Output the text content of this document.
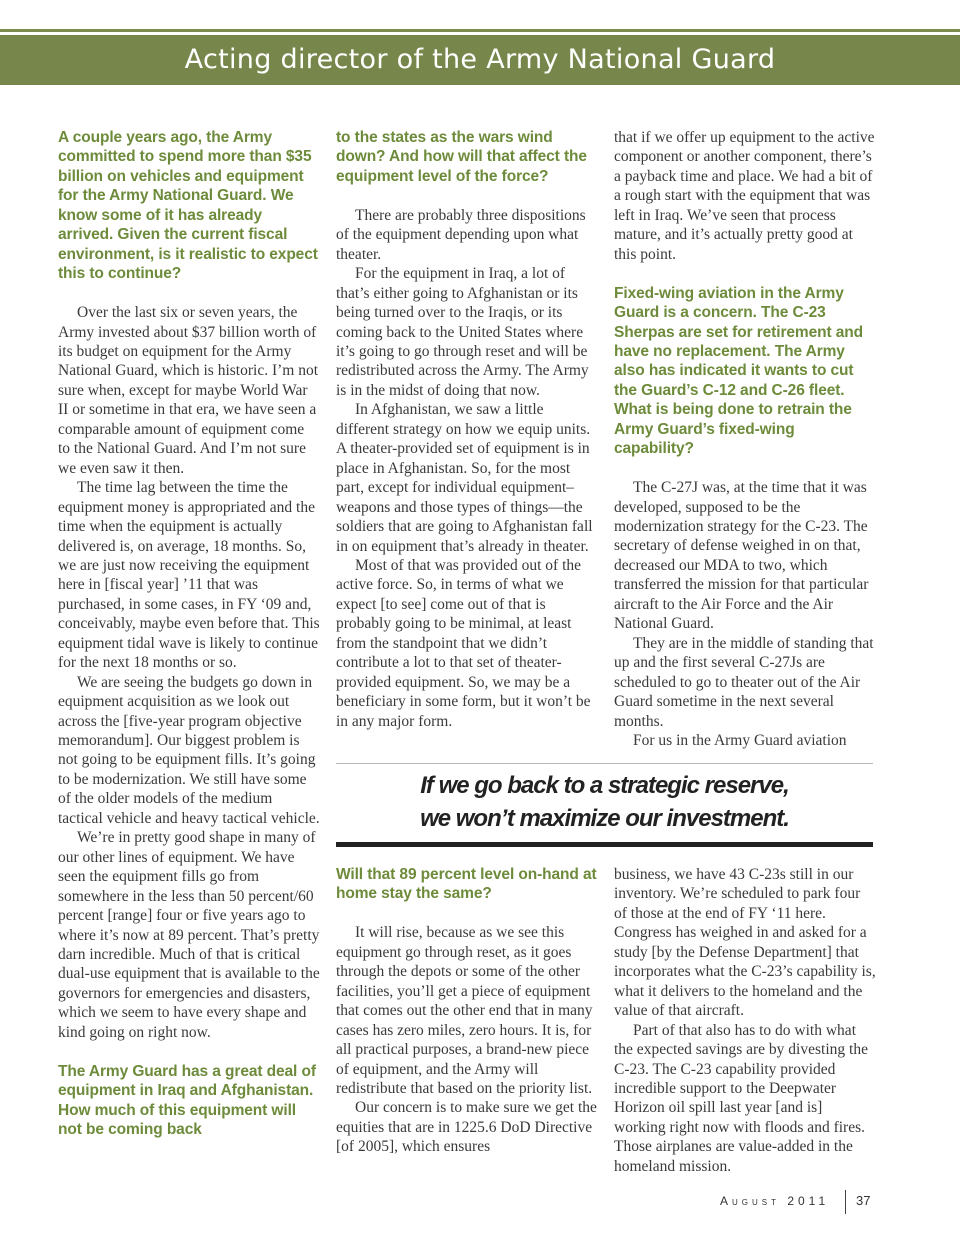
Acting director of the Army National Guard
A couple years ago, the Army committed to spend more than $35 billion on vehicles and equipment for the Army National Guard. We know some of it has already arrived. Given the current fiscal environment, is it realistic to expect this to continue?

Over the last six or seven years, the Army invested about $37 billion worth of its budget on equipment for the Army National Guard, which is historic. I’m not sure when, except for maybe World War II or sometime in that era, we have seen a comparable amount of equipment come to the National Guard. And I’m not sure we even saw it then.

The time lag between the time the equipment money is appropriated and the time when the equipment is actually delivered is, on average, 18 months. So, we are just now receiving the equipment here in [fiscal year] ’11 that was purchased, in some cases, in FY ‘09 and, conceivably, maybe even before that. This equipment tidal wave is likely to continue for the next 18 months or so.

We are seeing the budgets go down in equipment acquisition as we look out across the [five-year program objective memorandum]. Our biggest problem is not going to be equipment fills. It’s going to be modernization. We still have some of the older models of the medium tactical vehicle and heavy tactical vehicle.

We’re in pretty good shape in many of our other lines of equipment. We have seen the equipment fills go from somewhere in the less than 50 percent/60 percent [range] four or five years ago to where it’s now at 89 percent. That’s pretty darn incredible. Much of that is critical dual-use equipment that is available to the governors for emergencies and disasters, which we seem to have every shape and kind going on right now.

The Army Guard has a great deal of equipment in Iraq and Afghanistan. How much of this equipment will not be coming back
to the states as the wars wind down? And how will that affect the equipment level of the force?

There are probably three dispositions of the equipment depending upon what theater.

For the equipment in Iraq, a lot of that’s either going to Afghanistan or its being turned over to the Iraqis, or its coming back to the United States where it’s going to go through reset and will be redistributed across the Army. The Army is in the midst of doing that now.

In Afghanistan, we saw a little different strategy on how we equip units. A theater-provided set of equipment is in place in Afghanistan. So, for the most part, except for individual equipment–weapons and those types of things—the soldiers that are going to Afghanistan fall in on equipment that’s already in theater.

Most of that was provided out of the active force. So, in terms of what we expect [to see] come out of that is probably going to be minimal, at least from the standpoint that we didn’t contribute a lot to that set of theater-provided equipment. So, we may be a beneficiary in some form, but it won’t be in any major form.

that if we offer up equipment to the active component or another component, there’s a payback time and place. We had a bit of a rough start with the equipment that was left in Iraq. We’ve seen that process mature, and it’s actually pretty good at this point.
Fixed-wing aviation in the Army Guard is a concern. The C-23 Sherpas are set for retirement and have no replacement. The Army also has indicated it wants to cut the Guard’s C-12 and C-26 fleet. What is being done to retrain the Army Guard’s fixed-wing capability?

The C-27J was, at the time that it was developed, supposed to be the modernization strategy for the C-23. The secretary of defense weighed in on that, decreased our MDA to two, which transferred the mission for that particular aircraft to the Air Force and the Air National Guard.

They are in the middle of standing that up and the first several C-27Js are scheduled to go to theater out of the Air Guard sometime in the next several months.

For us in the Army Guard aviation

If we go back to a strategic reserve,
we won’t maximize our investment.
Will that 89 percent level on-hand at home stay the same?

It will rise, because as we see this equipment go through reset, as it goes through the depots or some of the other facilities, you’ll get a piece of equipment that comes out the other end that in many cases has zero miles, zero hours. It is, for all practical purposes, a brand-new piece of equipment, and the Army will redistribute that based on the priority list.

Our concern is to make sure we get the equities that are in 1225.6 DoD Directive [of 2005], which ensures

business, we have 43 C-23s still in our inventory. We’re scheduled to park four of those at the end of FY ‘11 here. Congress has weighed in and asked for a study [by the Defense Department] that incorporates what the C-23’s capability is, what it delivers to the homeland and the value of that aircraft.

Part of that also has to do with what the expected savings are by divesting the C-23. The C-23 capability provided incredible support to the Deepwater Horizon oil spill last year [and is] working right now with floods and fires. Those airplanes are value-added in the homeland mission.

August 2011 37
